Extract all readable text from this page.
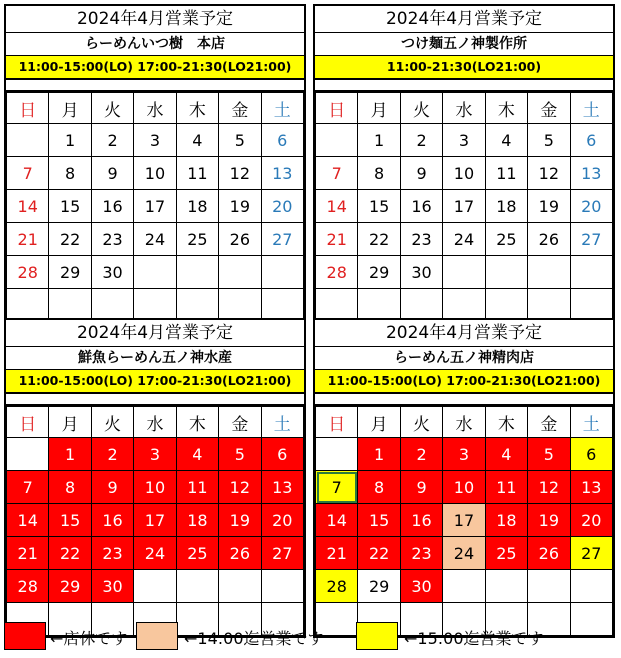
2024年4月営業予定
らーめんいつ樹　本店
11:00-15:00(LO) 17:00-21:30(LO21:00)
日	月	火	水	木	金	土
	1	2	3	4	5	6
7	8	9	10	11	12	13
14	15	16	17	18	19	20
21	22	23	24	25	26	27
28	29	30				

2024年4月営業予定
つけ麺五ノ神製作所
11:00-21:30(LO21:00)
日	月	火	水	木	金	土
	1	2	3	4	5	6
7	8	9	10	11	12	13
14	15	16	17	18	19	20
21	22	23	24	25	26	27
28	29	30				

2024年4月営業予定
鮮魚らーめん五ノ神水産
11:00-15:00(LO) 17:00-21:30(LO21:00)
日	月	火	水	木	金	土
	1	2	3	4	5	6
7	8	9	10	11	12	13
14	15	16	17	18	19	20
21	22	23	24	25	26	27
28	29	30				

2024年4月営業予定
らーめん五ノ神精肉店
11:00-15:00(LO) 17:00-21:30(LO21:00)
日	月	火	水	木	金	土
	1	2	3	4	5	6
7	8	9	10	11	12	13
14	15	16	17	18	19	20
21	22	23	24	25	26	27
28	29	30				

←店休です	←14:00迄営業です	←15:00迄営業です
